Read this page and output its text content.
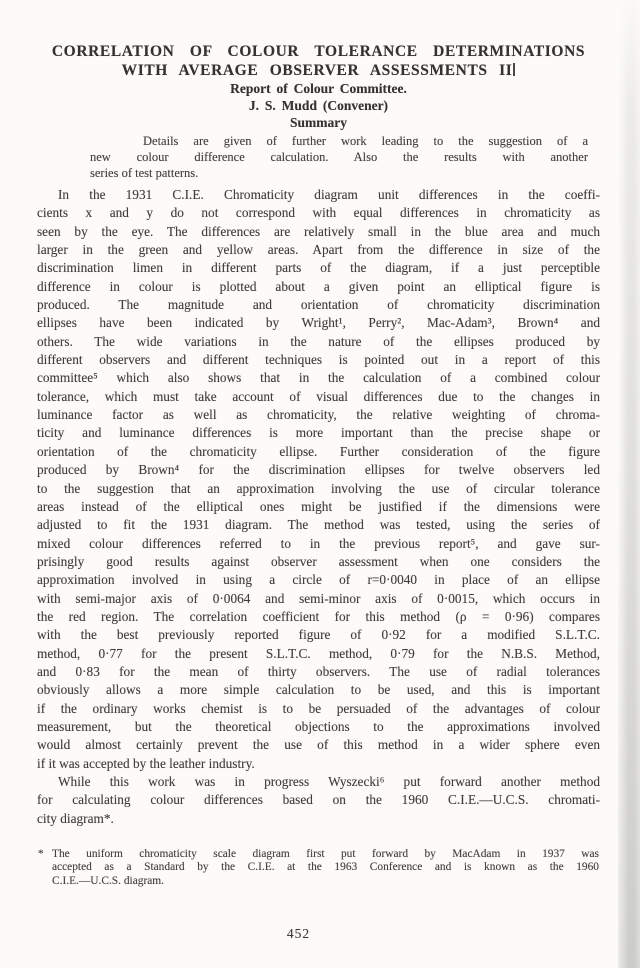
CORRELATION OF COLOUR TOLERANCE DETERMINATIONS
WITH AVERAGE OBSERVER ASSESSMENTS II
Report of Colour Committee.
J. S. Mudd (Convener)
Summary
Details are given of further work leading to the suggestion of a
new colour difference calculation. Also the results with another
series of test patterns.
In the 1931 C.I.E. Chromaticity diagram unit differences in the coeffi-
cients x and y do not correspond with equal differences in chromaticity as
seen by the eye. The differences are relatively small in the blue area and much
larger in the green and yellow areas. Apart from the difference in size of the
discrimination limen in different parts of the diagram, if a just perceptible
difference in colour is plotted about a given point an elliptical figure is
produced. The magnitude and orientation of chromaticity discrimination
ellipses have been indicated by Wright¹, Perry², Mac-Adam³, Brown⁴ and
others. The wide variations in the nature of the ellipses produced by
different observers and different techniques is pointed out in a report of this
committee⁵ which also shows that in the calculation of a combined colour
tolerance, which must take account of visual differences due to the changes in
luminance factor as well as chromaticity, the relative weighting of chroma-
ticity and luminance differences is more important than the precise shape or
orientation of the chromaticity ellipse. Further consideration of the figure
produced by Brown⁴ for the discrimination ellipses for twelve observers led
to the suggestion that an approximation involving the use of circular tolerance
areas instead of the elliptical ones might be justified if the dimensions were
adjusted to fit the 1931 diagram. The method was tested, using the series of
mixed colour differences referred to in the previous report⁵, and gave sur-
prisingly good results against observer assessment when one considers the
approximation involved in using a circle of r=0·0040 in place of an ellipse
with semi-major axis of 0·0064 and semi-minor axis of 0·0015, which occurs in
the red region. The correlation coefficient for this method (ρ = 0·96) compares
with the best previously reported figure of 0·92 for a modified S.L.T.C.
method, 0·77 for the present S.L.T.C. method, 0·79 for the N.B.S. Method,
and 0·83 for the mean of thirty observers. The use of radial tolerances
obviously allows a more simple calculation to be used, and this is important
if the ordinary works chemist is to be persuaded of the advantages of colour
measurement, but the theoretical objections to the approximations involved
would almost certainly prevent the use of this method in a wider sphere even
if it was accepted by the leather industry.
While this work was in progress Wyszecki⁶ put forward another method
for calculating colour differences based on the 1960 C.I.E.—U.C.S. chromati-
city diagram*.
* The uniform chromaticity scale diagram first put forward by MacAdam in 1937 was
accepted as a Standard by the C.I.E. at the 1963 Conference and is known as the 1960
C.I.E.—U.C.S. diagram.
452
